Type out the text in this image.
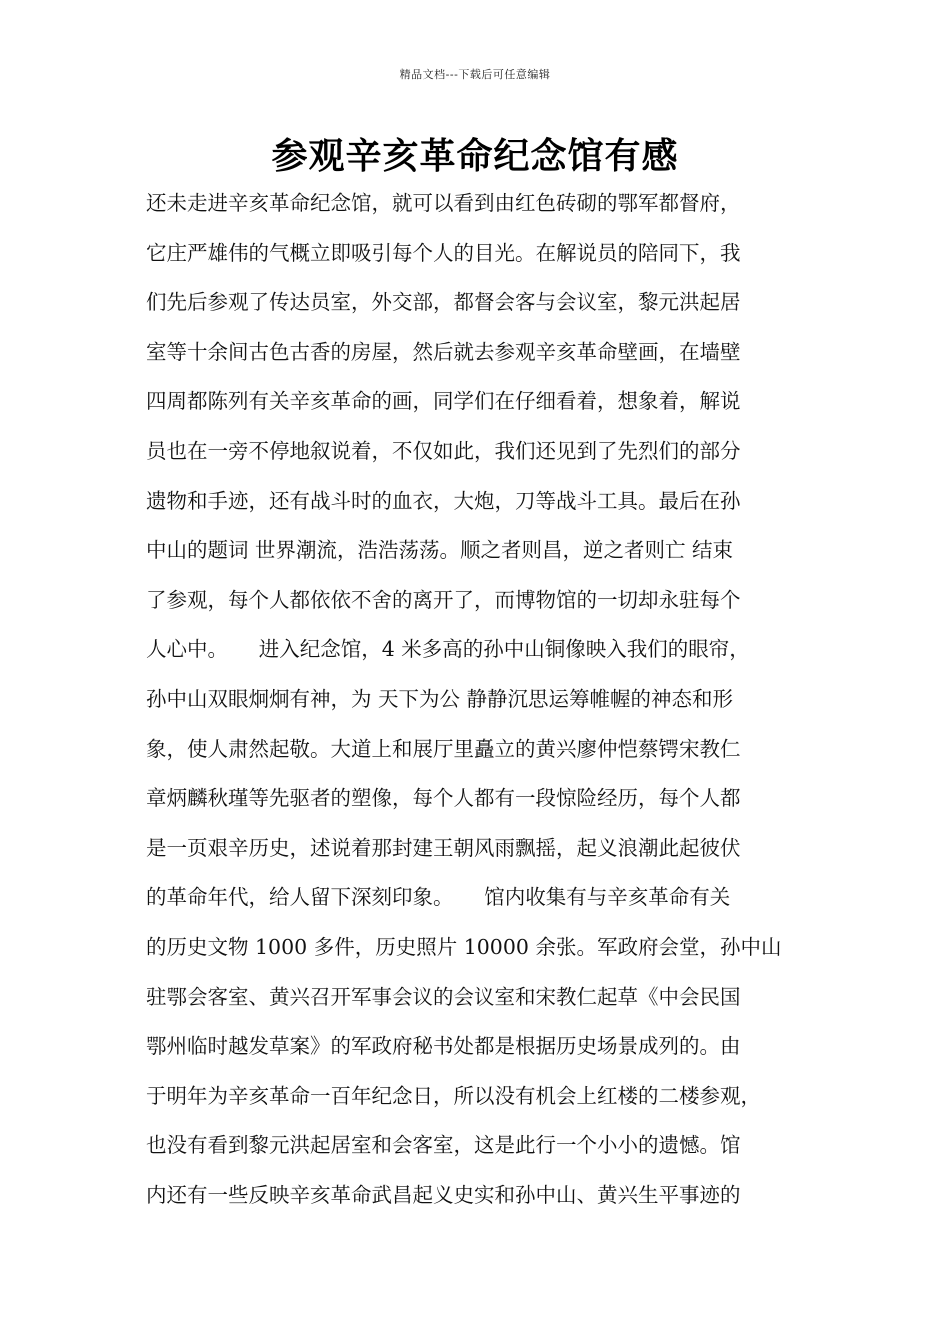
精品文档---下载后可任意编辑
参观辛亥革命纪念馆有感
还未走进辛亥革命纪念馆，就可以看到由红色砖砌的鄂军都督府，
它庄严雄伟的气概立即吸引每个人的目光。在解说员的陪同下，我
们先后参观了传达员室，外交部，都督会客与会议室，黎元洪起居
室等十余间古色古香的房屋，然后就去参观辛亥革命壁画，在墙壁
四周都陈列有关辛亥革命的画，同学们在仔细看着，想象着，解说
员也在一旁不停地叙说着，不仅如此，我们还见到了先烈们的部分
遗物和手迹，还有战斗时的血衣，大炮，刀等战斗工具。最后在孙
中山的题词 世界潮流，浩浩荡荡。顺之者则昌，逆之者则亡 结束
了参观，每个人都依依不舍的离开了，而博物馆的一切却永驻每个
人心中。　　进入纪念馆，4 米多高的孙中山铜像映入我们的眼帘，
孙中山双眼炯炯有神，为 天下为公 静静沉思运筹帷幄的神态和形
象，使人肃然起敬。大道上和展厅里矗立的黄兴廖仲恺蔡锷宋教仁
章炳麟秋瑾等先驱者的塑像，每个人都有一段惊险经历，每个人都
是一页艰辛历史，述说着那封建王朝风雨飘摇，起义浪潮此起彼伏
的革命年代，给人留下深刻印象。　　馆内收集有与辛亥革命有关
的历史文物 1000 多件，历史照片 10000 余张。军政府会堂，孙中山
驻鄂会客室、黄兴召开军事会议的会议室和宋教仁起草《中会民国
鄂州临时越发草案》的军政府秘书处都是根据历史场景成列的。由
于明年为辛亥革命一百年纪念日，所以没有机会上红楼的二楼参观，
也没有看到黎元洪起居室和会客室，这是此行一个小小的遗憾。馆
内还有一些反映辛亥革命武昌起义史实和孙中山、黄兴生平事迹的
